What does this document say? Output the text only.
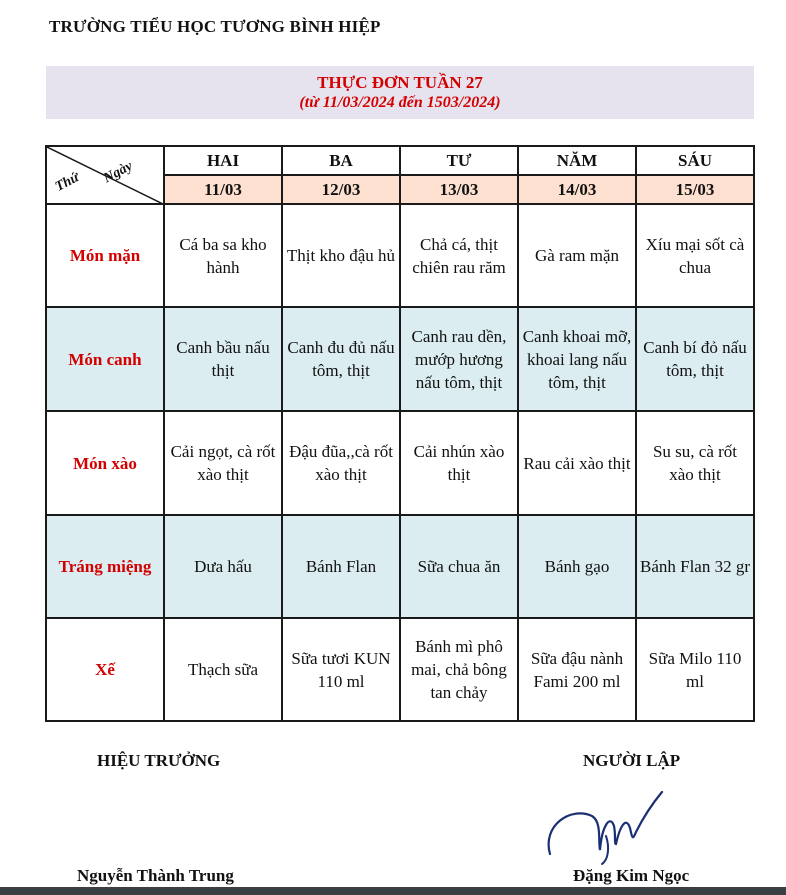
TRƯỜNG TIỂU HỌC TƯƠNG BÌNH HIỆP
THỰC ĐƠN TUẦN 27
(từ 11/03/2024 đến 1503/2024)
Thứ Ngày	HAI	BA	TƯ	NĂM	SÁU
	11/03	12/03	13/03	14/03	15/03
Món mặn	Cá ba sa kho hành	Thịt kho đậu hủ	Chả cá, thịt chiên rau răm	Gà ram mặn	Xíu mại sốt cà chua
Món canh	Canh bầu nấu thịt	Canh đu đủ nấu tôm, thịt	Canh rau dền, mướp hương nấu tôm, thịt	Canh khoai mỡ, khoai lang nấu tôm, thịt	Canh bí đỏ nấu tôm, thịt
Món xào	Cải ngọt, cà rốt xào thịt	Đậu đũa,,cà rốt xào thịt	Cải nhún xào thịt	Rau cải xào thịt	Su su, cà rốt xào thịt
Tráng miệng	Dưa hấu	Bánh Flan	Sữa chua ăn	Bánh gạo	Bánh Flan 32 gr
Xế	Thạch sữa	Sữa tươi KUN 110 ml	Bánh mì phô mai, chả bông tan chảy	Sữa đậu nành Fami 200 ml	Sữa Milo 110 ml
HIỆU TRƯỞNG	NGƯỜI LẬP
Nguyễn Thành Trung	Đặng Kim Ngọc
